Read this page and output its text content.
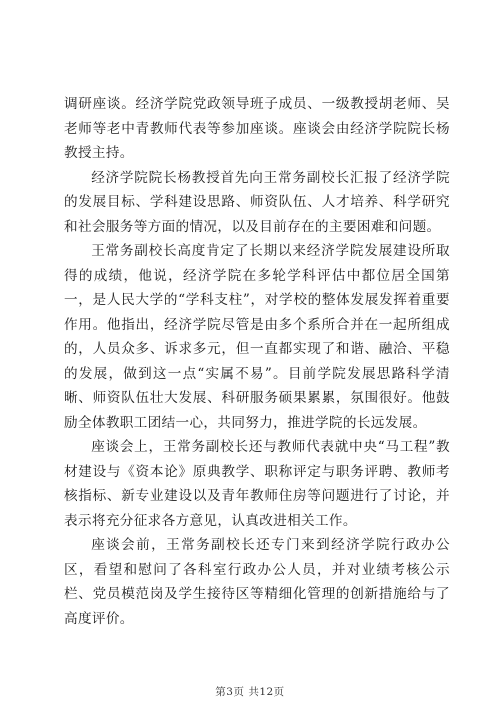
调研座谈。经济学院党政领导班子成员、一级教授胡老师、吴老师等老中青教师代表等参加座谈。座谈会由经济学院院长杨教授主持。

经济学院院长杨教授首先向王常务副校长汇报了经济学院的发展目标、学科建设思路、师资队伍、人才培养、科学研究和社会服务等方面的情况，以及目前存在的主要困难和问题。

王常务副校长高度肯定了长期以来经济学院发展建设所取得的成绩，他说，经济学院在多轮学科评估中都位居全国第一，是人民大学的“学科支柱”，对学校的整体发展发挥着重要作用。他指出，经济学院尽管是由多个系所合并在一起所组成的，人员众多、诉求多元，但一直都实现了和谐、融洽、平稳的发展，做到这一点“实属不易”。目前学院发展思路科学清晰、师资队伍壮大发展、科研服务硕果累累，氛围很好。他鼓励全体教职工团结一心，共同努力，推进学院的长远发展。

座谈会上，王常务副校长还与教师代表就中央“马工程”教材建设与《资本论》原典教学、职称评定与职务评聘、教师考核指标、新专业建设以及青年教师住房等问题进行了讨论，并表示将充分征求各方意见，认真改进相关工作。

座谈会前，王常务副校长还专门来到经济学院行政办公区，看望和慰问了各科室行政办公人员，并对业绩考核公示栏、党员模范岗及学生接待区等精细化管理的创新措施给与了高度评价。

第3页 共12页
